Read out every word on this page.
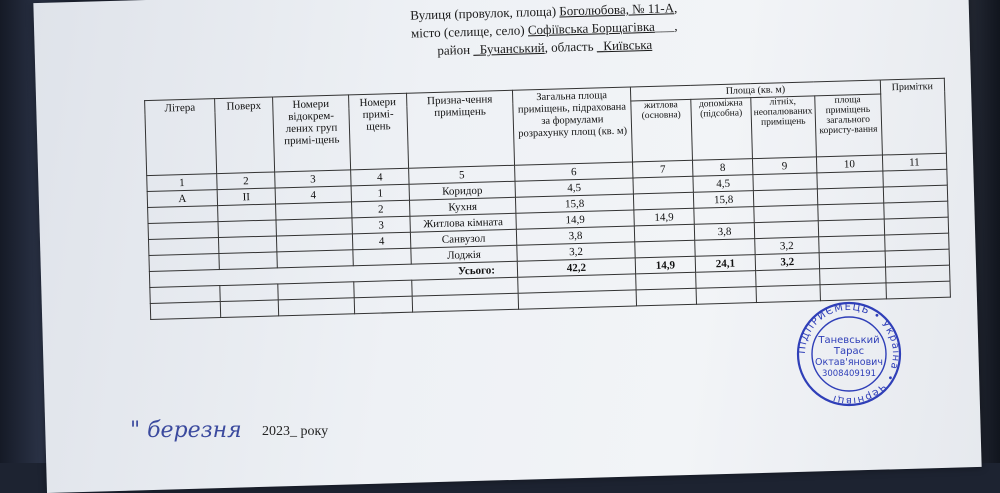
Вулиця (провулок, площа) Боголюбова, № 11-А,
місто (селище, село) Софіївська Борщагівка___,
район _Бучанський, область _Київська
Літера	Поверх	Номери відокрем-лених груп примі-щень	Номери примі-щень	Призна-чення приміщень	Загальна площа приміщень, підрахована за формулами розрахунку площ (кв. м)	Площа (кв. м)				Примітки
						житлова (основна)	допоміжна (підсобна)	літніх, неопалюваних приміщень	площа приміщень загального користу-вання	
1	2	3	4	5	6	7	8	9	10	11
А	ІІ	4	1	Коридор	4,5		4,5			
			2	Кухня	15,8		15,8			
			3	Житлова кімната	14,9	14,9				
			4	Санвузол	3,8		3,8			
				Лоджія	3,2			3,2		
Усього:					42,2	14,9	24,1	3,2		

ПІДПРИЄМЕЦЬ • Україна • Чернівці
Таневський
Тарас
Октав'янович
3008409191
" березня 2023_ року
